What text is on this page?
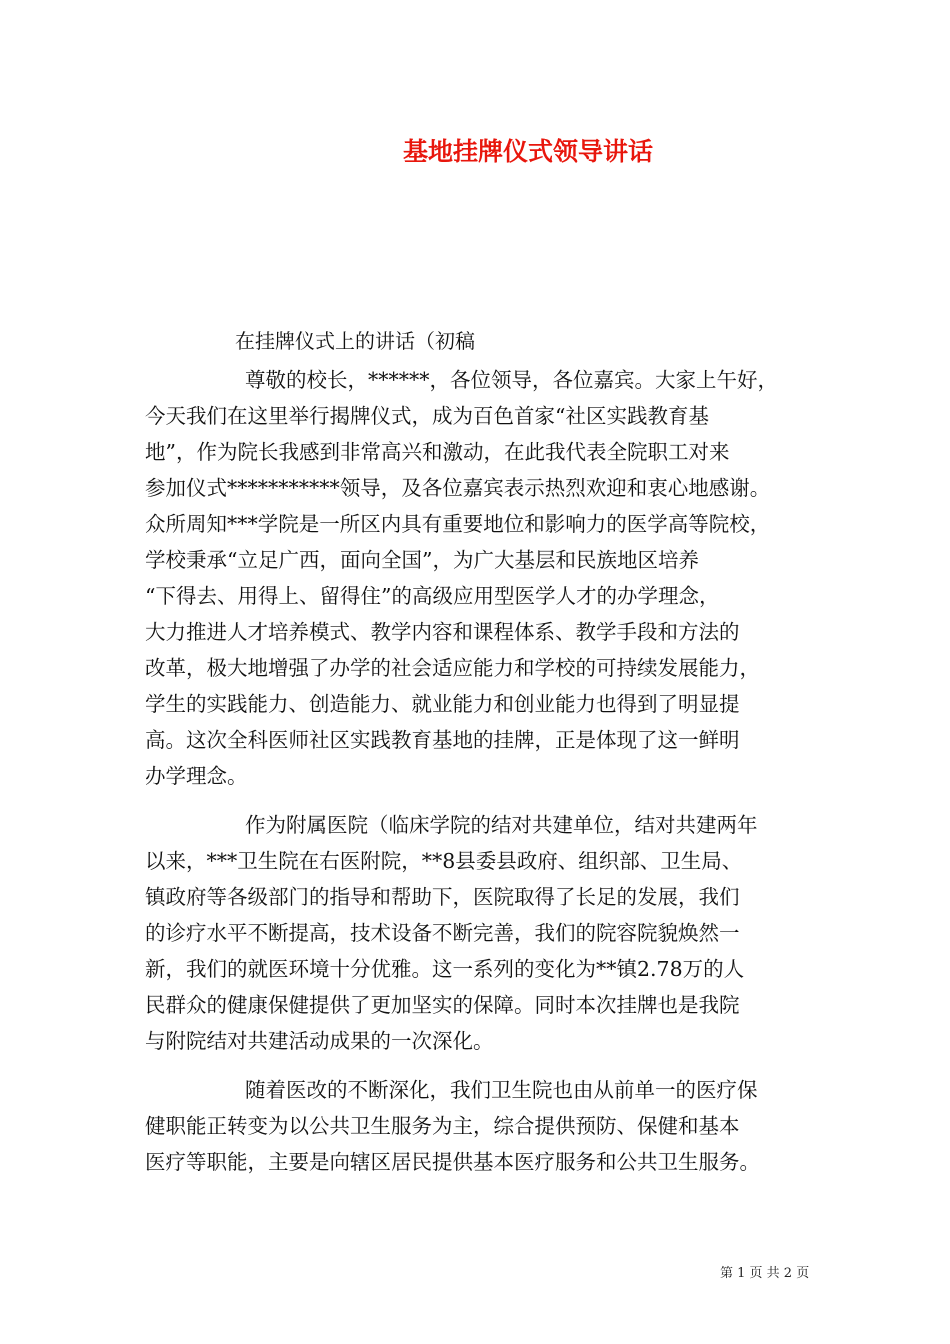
基地挂牌仪式领导讲话
在挂牌仪式上的讲话（初稿
尊敬的校长，******，各位领导，各位嘉宾。大家上午好，
今天我们在这里举行揭牌仪式，成为百色首家“社区实践教育基
地”，作为院长我感到非常高兴和激动，在此我代表全院职工对来
参加仪式***********领导，及各位嘉宾表示热烈欢迎和衷心地感谢。
众所周知***学院是一所区内具有重要地位和影响力的医学高等院校，
学校秉承“立足广西，面向全国”，为广大基层和民族地区培养
“下得去、用得上、留得住”的高级应用型医学人才的办学理念，
大力推进人才培养模式、教学内容和课程体系、教学手段和方法的
改革，极大地增强了办学的社会适应能力和学校的可持续发展能力，
学生的实践能力、创造能力、就业能力和创业能力也得到了明显提
高。这次全科医师社区实践教育基地的挂牌，正是体现了这一鲜明
办学理念。
作为附属医院（临床学院的结对共建单位，结对共建两年
以来，***卫生院在右医附院，**8县委县政府、组织部、卫生局、
镇政府等各级部门的指导和帮助下，医院取得了长足的发展，我们
的诊疗水平不断提高，技术设备不断完善，我们的院容院貌焕然一
新，我们的就医环境十分优雅。这一系列的变化为**镇2.78万的人
民群众的健康保健提供了更加坚实的保障。同时本次挂牌也是我院
与附院结对共建活动成果的一次深化。
随着医改的不断深化，我们卫生院也由从前单一的医疗保
健职能正转变为以公共卫生服务为主，综合提供预防、保健和基本
医疗等职能，主要是向辖区居民提供基本医疗服务和公共卫生服务。
第 1 页 共 2 页
